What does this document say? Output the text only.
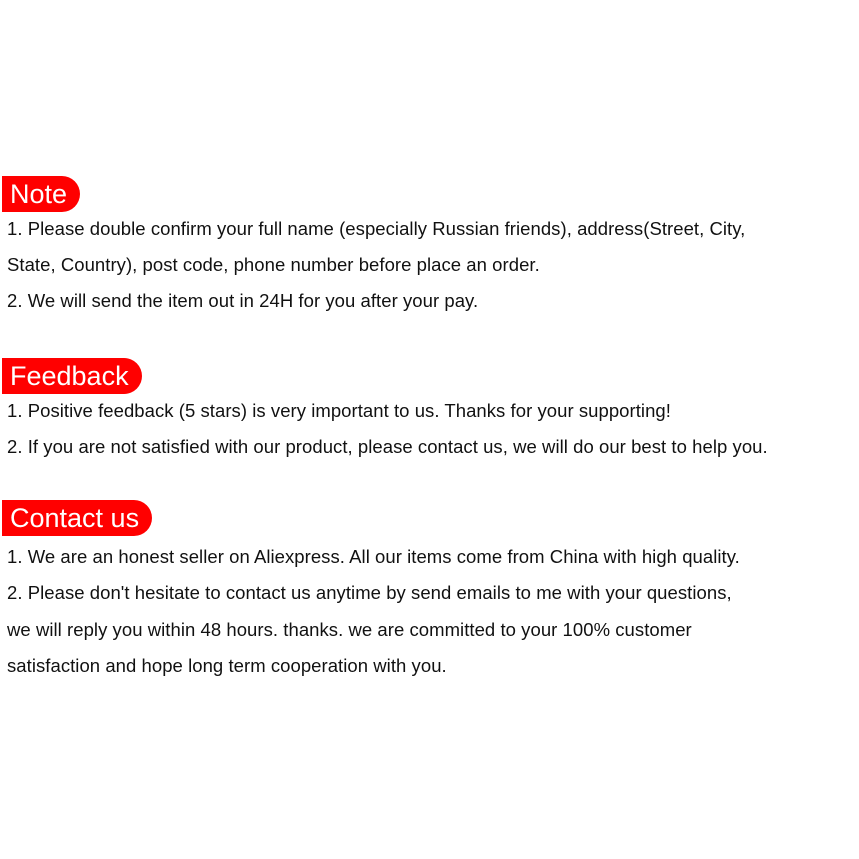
Note
1. Please double confirm your full name (especially Russian friends), address(Street, City,
State, Country), post code, phone number before place an order.
2. We will send the item out in 24H for you after your pay.
Feedback
1. Positive feedback (5 stars) is very important to us. Thanks for your supporting!
2. If you are not satisfied with our product, please contact us, we will do our best to help you.
Contact us
1. We are an honest seller on Aliexpress. All our items come from China with high quality.
2. Please don't hesitate to contact us anytime by send emails to me with your questions,
we will reply you within 48 hours. thanks. we are committed to your 100% customer
satisfaction and hope long term cooperation with you.
